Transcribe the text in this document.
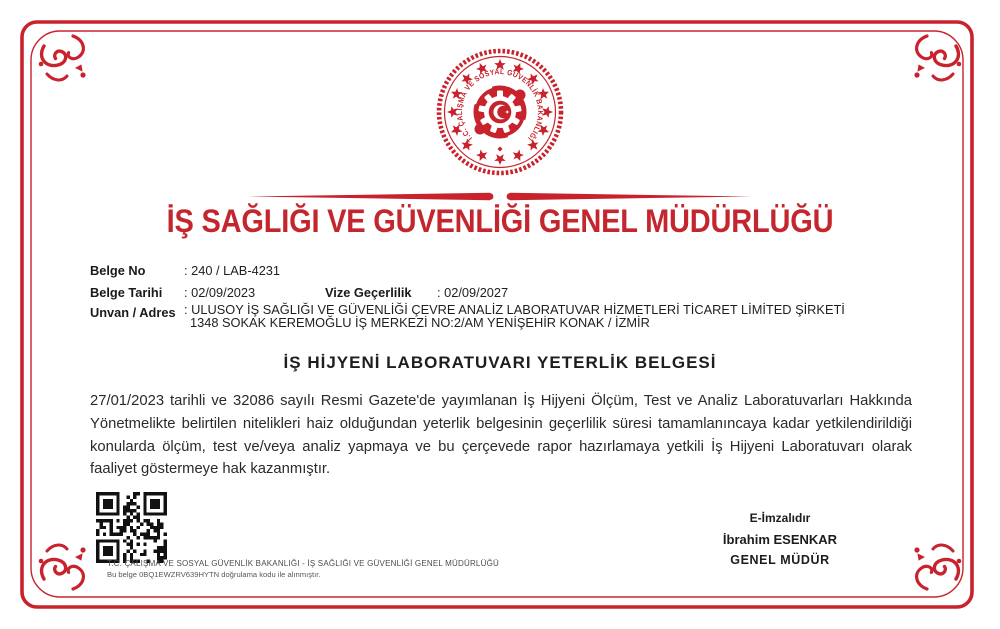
T.C. ÇALIŞMA VE SOSYAL GÜVENLİK BAKANLIĞI
İŞ SAĞLIĞI VE GÜVENLİĞİ GENEL MÜDÜRLÜĞÜ
Belge No	: 240 / LAB-4231
Belge Tarihi : 02/09/2023	Vize Geçerlilik : 02/09/2027
Unvan / Adres : ULUSOY İŞ SAĞLIĞI VE GÜVENLİĞİ ÇEVRE ANALİZ LABORATUVAR HİZMETLERİ TİCARET LİMİTED ŞİRKETİ
1348 SOKAK KEREMOĞLU İŞ MERKEZİ NO:2/AM YENİŞEHİR KONAK / İZMİR
İŞ HİJYENİ LABORATUVARI YETERLİK BELGESİ

27/01/2023 tarihli ve 32086 sayılı Resmi Gazete'de yayımlanan İş Hijyeni Ölçüm, Test ve Analiz Laboratuvarları Hakkında Yönetmelikte belirtilen nitelikleri haiz olduğundan yeterlik belgesinin geçerlilik süresi tamamlanıncaya kadar yetkilendirildiği konularda ölçüm, test ve/veya analiz yapmaya ve bu çerçevede rapor hazırlamaya yetkili İş Hijyeni Laboratuvarı olarak faaliyet göstermeye hak kazanmıştır.

E-İmzalıdır
İbrahim ESENKAR
GENEL MÜDÜR
T.C. ÇALIŞMA VE SOSYAL GÜVENLİK BAKANLIĞI - İŞ SAĞLIĞI VE GÜVENLİĞİ GENEL MÜDÜRLÜĞÜ
Bu belge 0BQ1EWZRV639HYTN doğrulama kodu ile alınmıştır.
